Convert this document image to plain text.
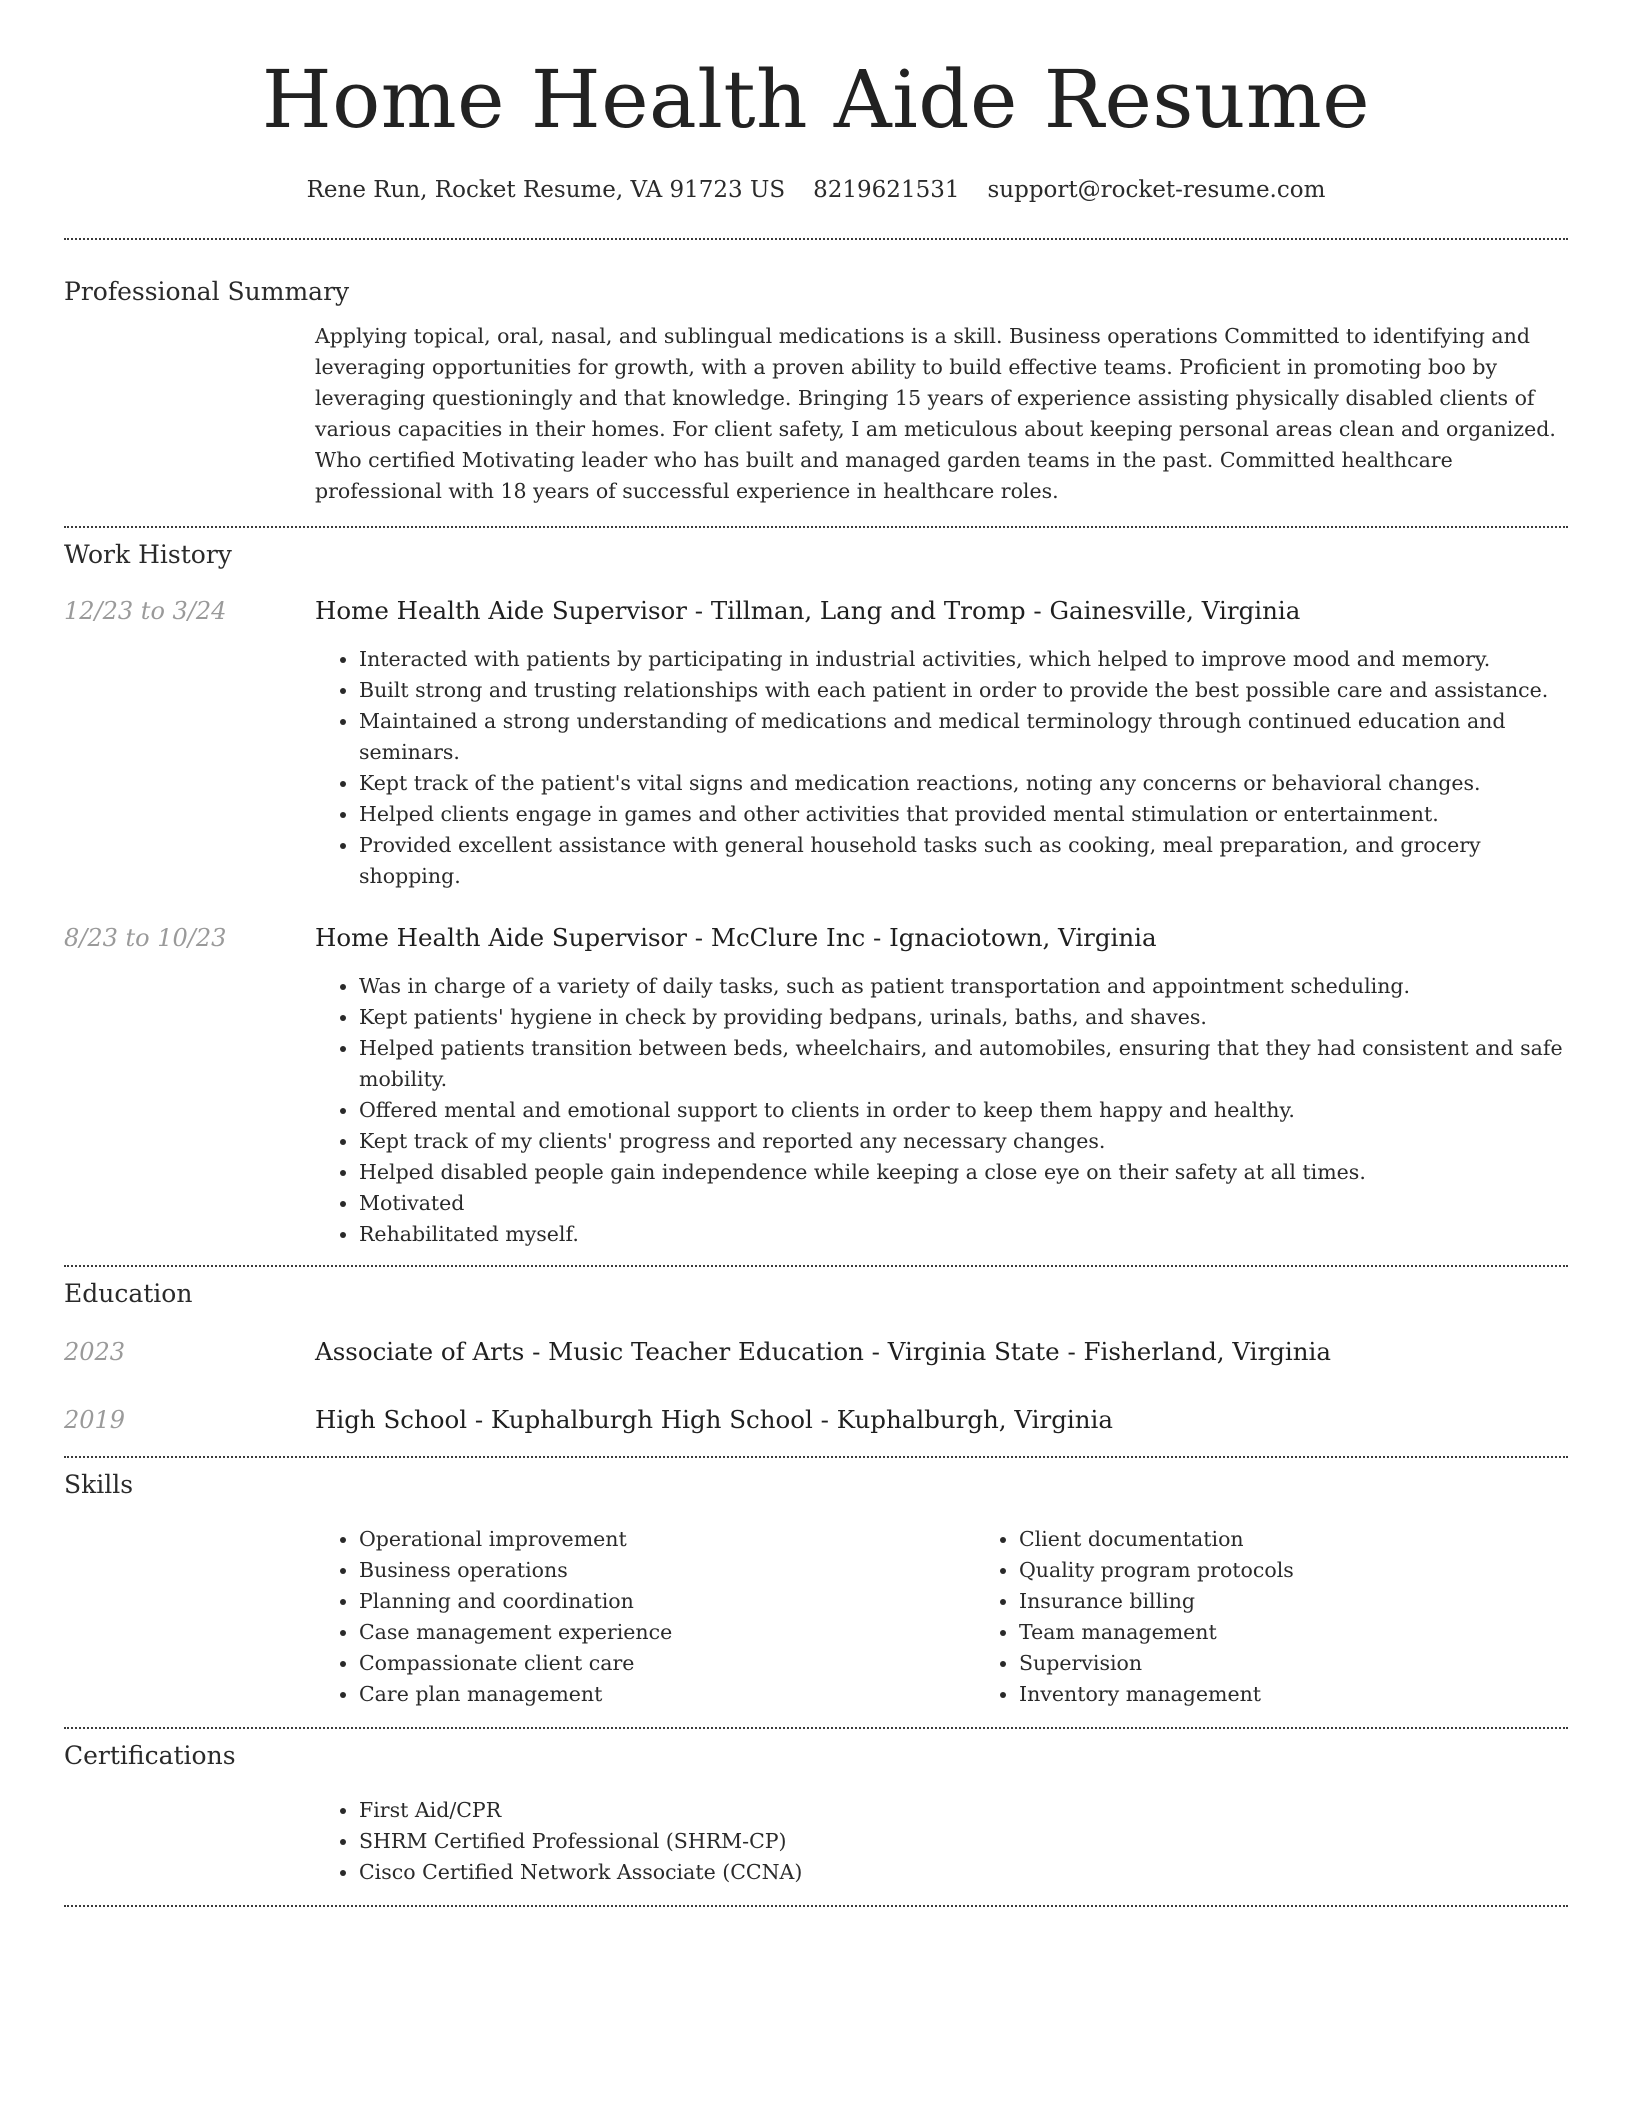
Home Health Aide Resume
Rene Run, Rocket Resume, VA 91723 US 8219621531 support@rocket-resume.com
Professional Summary

Applying topical, oral, nasal, and sublingual medications is a skill. Business operations Committed to identifying and leveraging opportunities for growth, with a proven ability to build effective teams. Proficient in promoting boo by leveraging questioningly and that knowledge. Bringing 15 years of experience assisting physically disabled clients of various capacities in their homes. For client safety, I am meticulous about keeping personal areas clean and organized. Who certified Motivating leader who has built and managed garden teams in the past. Committed healthcare professional with 18 years of successful experience in healthcare roles.

Work History
12/23 to 3/24	Home Health Aide Supervisor - Tillman, Lang and Tromp - Gainesville, Virginia
• Interacted with patients by participating in industrial activities, which helped to improve mood and memory.
• Built strong and trusting relationships with each patient in order to provide the best possible care and assistance.
• Maintained a strong understanding of medications and medical terminology through continued education and seminars.
• Kept track of the patient's vital signs and medication reactions, noting any concerns or behavioral changes.
• Helped clients engage in games and other activities that provided mental stimulation or entertainment.
• Provided excellent assistance with general household tasks such as cooking, meal preparation, and grocery shopping.
8/23 to 10/23	Home Health Aide Supervisor - McClure Inc - Ignaciotown, Virginia
• Was in charge of a variety of daily tasks, such as patient transportation and appointment scheduling.
• Kept patients' hygiene in check by providing bedpans, urinals, baths, and shaves.
• Helped patients transition between beds, wheelchairs, and automobiles, ensuring that they had consistent and safe mobility.
• Offered mental and emotional support to clients in order to keep them happy and healthy.
• Kept track of my clients' progress and reported any necessary changes.
• Helped disabled people gain independence while keeping a close eye on their safety at all times.
• Motivated
• Rehabilitated myself.
Education
2023	Associate of Arts - Music Teacher Education - Virginia State - Fisherland, Virginia
2019	High School - Kuphalburgh High School - Kuphalburgh, Virginia
Skills
• Operational improvement
• Business operations
• Planning and coordination
• Case management experience
• Compassionate client care
• Care plan management
• Client documentation
• Quality program protocols
• Insurance billing
• Team management
• Supervision
• Inventory management
Certifications
• First Aid/CPR
• SHRM Certified Professional (SHRM-CP)
• Cisco Certified Network Associate (CCNA)
